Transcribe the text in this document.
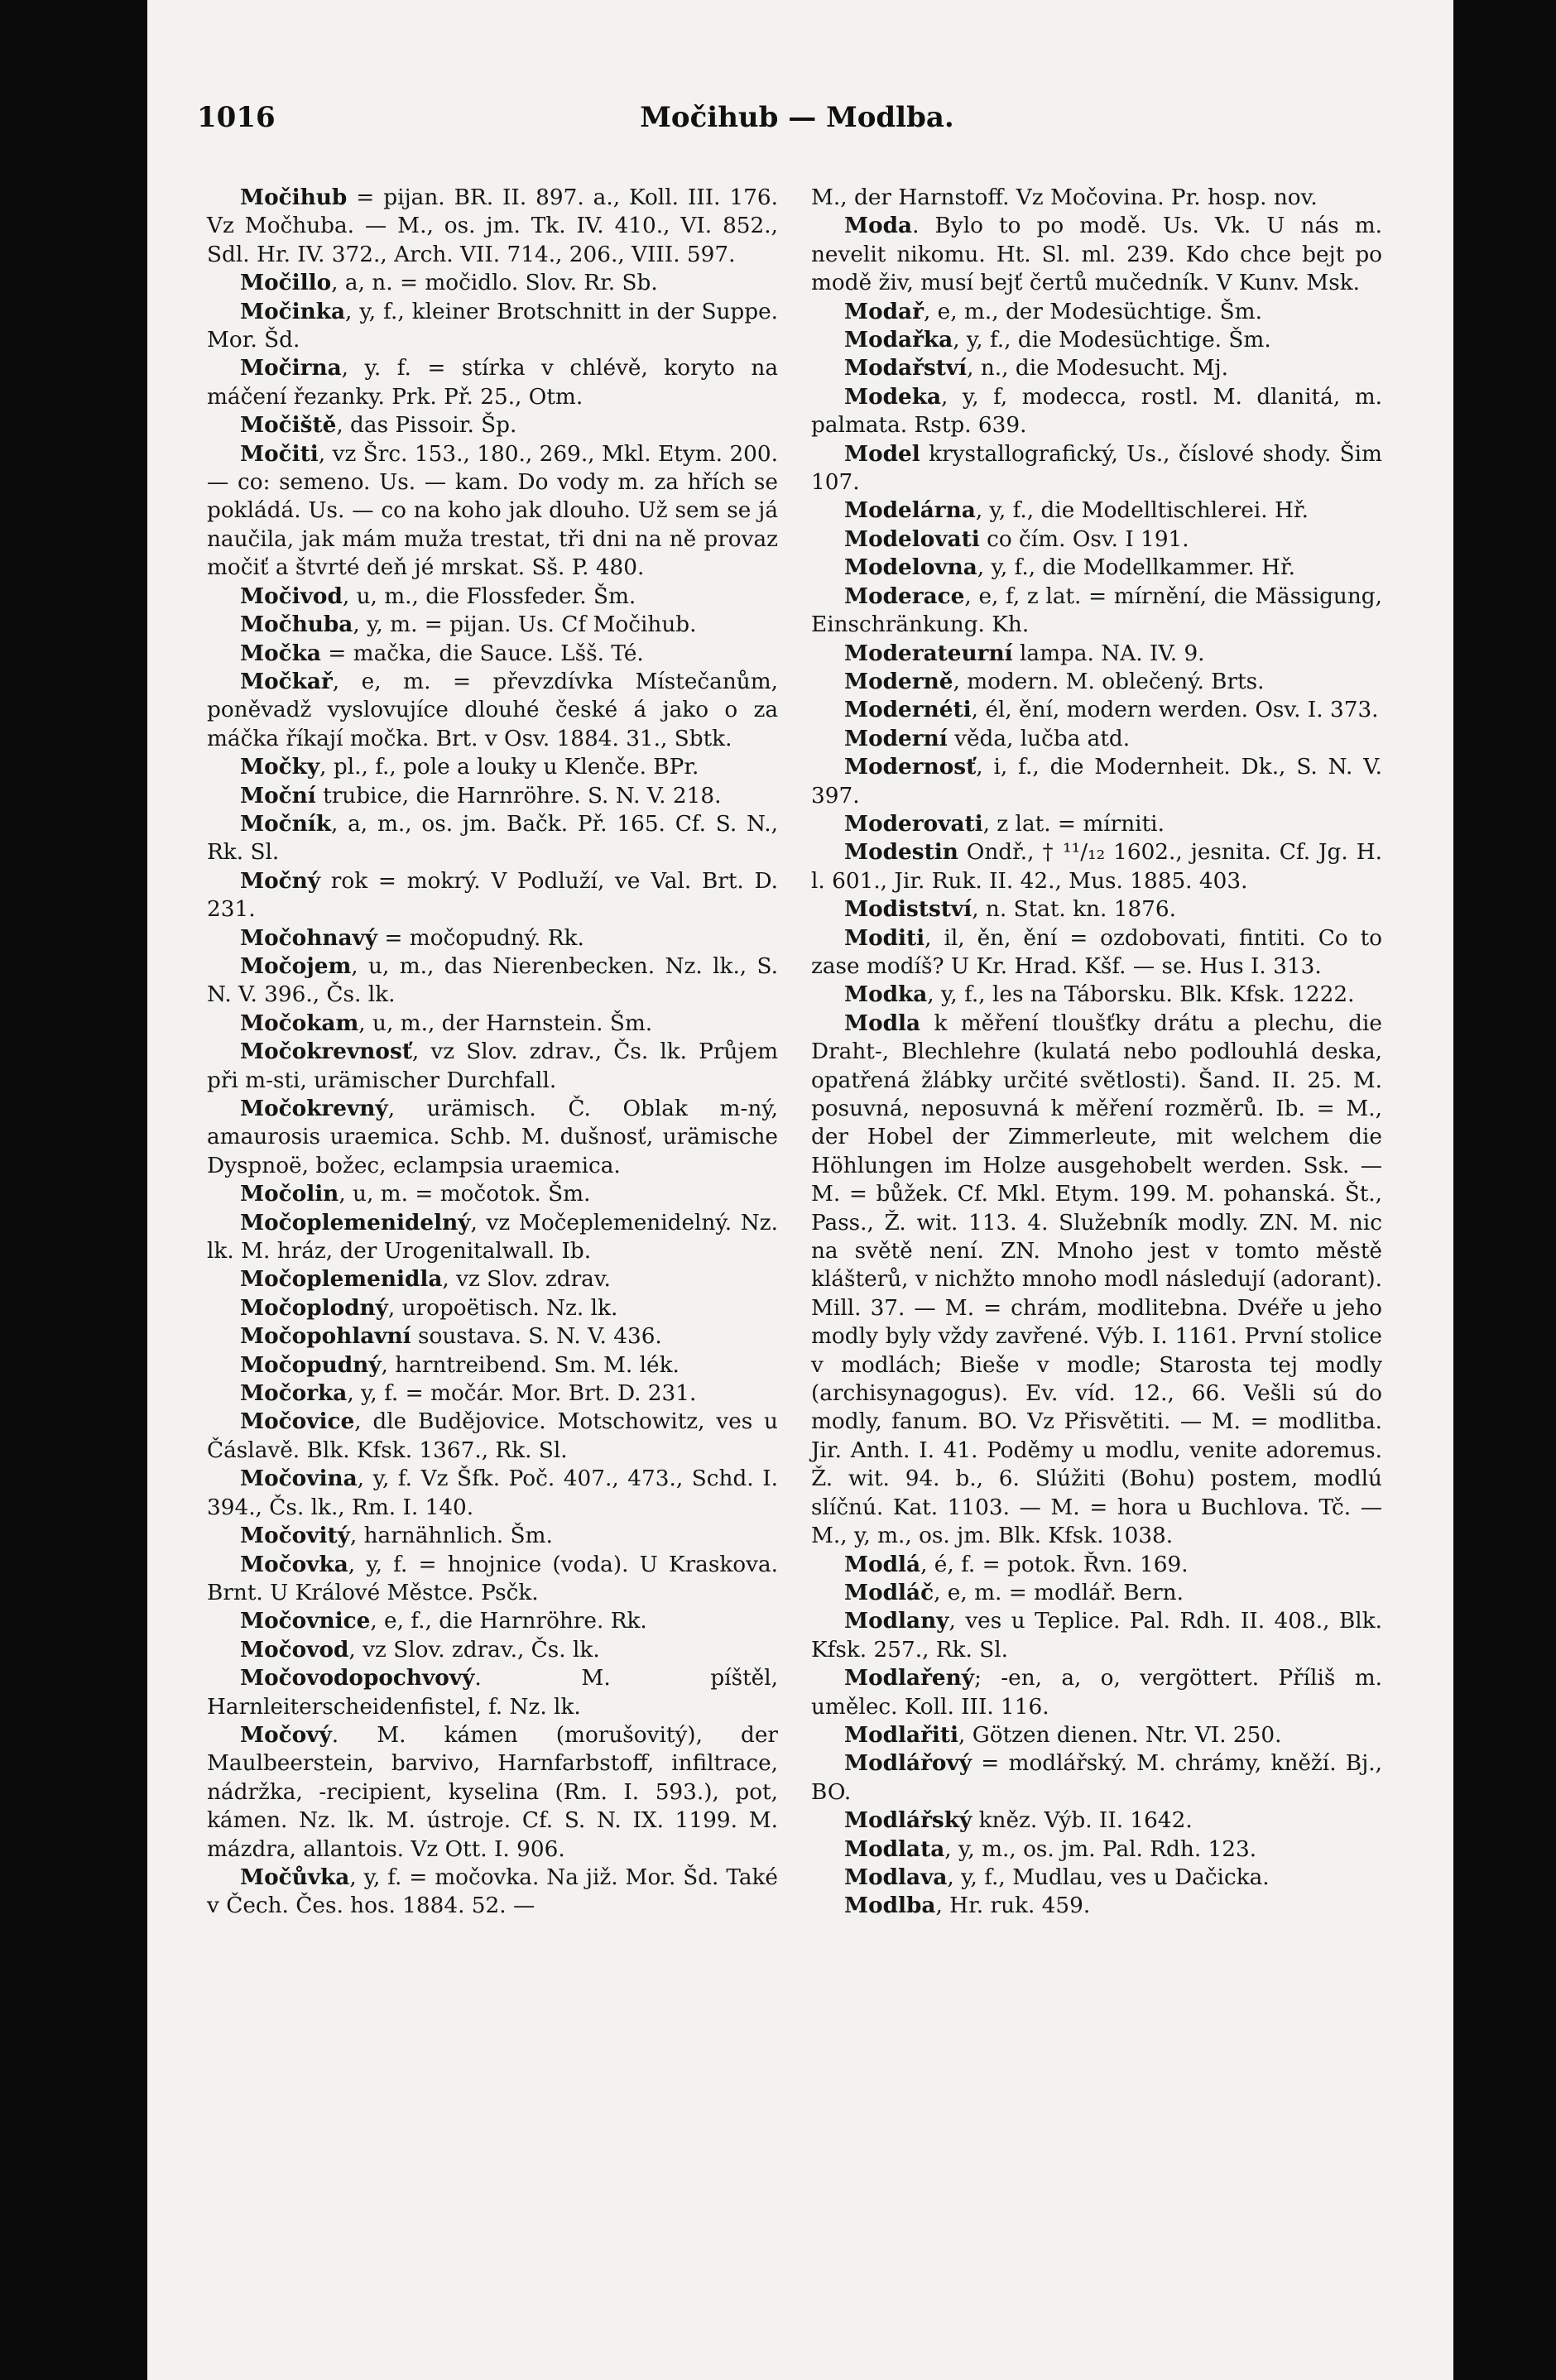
1016	Močihub — Modlba.

Močihub = pijan. BR. II. 897. a., Koll. III. 176. Vz Močhuba. — M., os. jm. Tk. IV. 410., VI. 852., Sdl. Hr. IV. 372., Arch. VII. 714., 206., VIII. 597.

Močillo, a, n. = močidlo. Slov. Rr. Sb.

Močinka, y, f., kleiner Brotschnitt in der Suppe. Mor. Šd.

Močirna, y. f. = stírka v chlévě, koryto na máčení řezanky. Prk. Př. 25., Otm.

Močiště, das Pissoir. Šp.

Močiti, vz Šrc. 153., 180., 269., Mkl. Etym. 200. — co: semeno. Us. — kam. Do vody m. za hřích se pokládá. Us. — co na koho jak dlouho. Už sem se já naučila, jak mám muža trestat, tři dni na ně provaz močiť a štvrté deň jé mrskat. Sš. P. 480.

Močivod, u, m., die Flossfeder. Šm.

Močhuba, y, m. = pijan. Us. Cf Močihub.

Močka = mačka, die Sauce. Lšš. Té.

Močkař, e, m. = převzdívka Místečanům, poněvadž vyslovujíce dlouhé české á jako o za máčka říkají močka. Brt. v Osv. 1884. 31., Sbtk.

Močky, pl., f., pole a louky u Klenče. BPr.

Moční trubice, die Harnröhre. S. N. V. 218.

Močník, a, m., os. jm. Bačk. Př. 165. Cf. S. N., Rk. Sl.

Močný rok = mokrý. V Podluží, ve Val. Brt. D. 231.

Močohnavý = močopudný. Rk.

Močojem, u, m., das Nierenbecken. Nz. lk., S. N. V. 396., Čs. lk.

Močokam, u, m., der Harnstein. Šm.

Močokrevnosť, vz Slov. zdrav., Čs. lk. Průjem při m-sti, urämischer Durchfall.

Močokrevný, urämisch. Č. Oblak m-ný, amaurosis uraemica. Schb. M. dušnosť, urämische Dyspnoë, božec, eclampsia uraemica.

Močolin, u, m. = močotok. Šm.

Močoplemenidelný, vz Močeplemenidelný. Nz. lk. M. hráz, der Urogenitalwall. Ib.

Močoplemenidla, vz Slov. zdrav.

Močoplodný, uropoëtisch. Nz. lk.

Močopohlavní soustava. S. N. V. 436.

Močopudný, harntreibend. Sm. M. lék.

Močorka, y, f. = močár. Mor. Brt. D. 231.

Močovice, dle Budějovice. Motschowitz, ves u Čáslavě. Blk. Kfsk. 1367., Rk. Sl.

Močovina, y, f. Vz Šfk. Poč. 407., 473., Schd. I. 394., Čs. lk., Rm. I. 140.

Močovitý, harnähnlich. Šm.

Močovka, y, f. = hnojnice (voda). U Kraskova. Brnt. U Králové Městce. Psčk.

Močovnice, e, f., die Harnröhre. Rk.

Močovod, vz Slov. zdrav., Čs. lk.

Močovodopochvový. M. píštěl, Harnleiterscheidenfistel, f. Nz. lk.

Močový. M. kámen (morušovitý), der Maulbeerstein, barvivo, Harnfarbstoff, infiltrace, nádržka, -recipient, kyselina (Rm. I. 593.), pot, kámen. Nz. lk. M. ústroje. Cf. S. N. IX. 1199. M. mázdra, allantois. Vz Ott. I. 906.

Močůvka, y, f. = močovka. Na již. Mor. Šd. Také v Čech. Čes. hos. 1884. 52. —

M., der Harnstoff. Vz Močovina. Pr. hosp. nov.

Moda. Bylo to po modě. Us. Vk. U nás m. nevelit nikomu. Ht. Sl. ml. 239. Kdo chce bejt po modě živ, musí bejť čertů mučedník. V Kunv. Msk.

Modař, e, m., der Modesüchtige. Šm.

Modařka, y, f., die Modesüchtige. Šm.

Modařství, n., die Modesucht. Mj.

Modeka, y, f, modecca, rostl. M. dlanitá, m. palmata. Rstp. 639.

Model krystallografický, Us., číslové shody. Šim 107.

Modelárna, y, f., die Modelltischlerei. Hř.

Modelovati co čím. Osv. I 191.

Modelovna, y, f., die Modellkammer. Hř.

Moderace, e, f, z lat. = mírnění, die Mässigung, Einschränkung. Kh.

Moderateurní lampa. NA. IV. 9.

Moderně, modern. M. oblečený. Brts.

Modernéti, él, ění, modern werden. Osv. I. 373.

Moderní věda, lučba atd.

Modernosť, i, f., die Modernheit. Dk., S. N. V. 397.

Moderovati, z lat. = mírniti.

Modestin Ondř., † ¹¹/₁₂ 1602., jesnita. Cf. Jg. H. l. 601., Jir. Ruk. II. 42., Mus. 1885. 403.

Modistství, n. Stat. kn. 1876.

Moditi, il, ěn, ění = ozdobovati, fintiti. Co to zase modíš? U Kr. Hrad. Kšf. — se. Hus I. 313.

Modka, y, f., les na Táborsku. Blk. Kfsk. 1222.

Modla k měření tloušťky drátu a plechu, die Draht-, Blechlehre (kulatá nebo podlouhlá deska, opatřená žlábky určité světlosti). Šand. II. 25. M. posuvná, neposuvná k měření rozměrů. Ib. = M., der Hobel der Zimmerleute, mit welchem die Höhlungen im Holze ausgehobelt werden. Ssk. — M. = bůžek. Cf. Mkl. Etym. 199. M. pohanská. Št., Pass., Ž. wit. 113. 4. Služebník modly. ZN. M. nic na světě není. ZN. Mnoho jest v tomto městě klášterů, v nichžto mnoho modl následují (adorant). Mill. 37. — M. = chrám, modlitebna. Dvéře u jeho modly byly vždy zavřené. Výb. I. 1161. První stolice v modlách; Bieše v modle; Starosta tej modly (archisynagogus). Ev. víd. 12., 66. Vešli sú do modly, fanum. BO. Vz Přisvětiti. — M. = modlitba. Jir. Anth. I. 41. Poděmy u modlu, venite adoremus. Ž. wit. 94. b., 6. Slúžiti (Bohu) postem, modlú slíčnú. Kat. 1103. — M. = hora u Buchlova. Tč. — M., y, m., os. jm. Blk. Kfsk. 1038.

Modlá, é, f. = potok. Řvn. 169.

Modláč, e, m. = modlář. Bern.

Modlany, ves u Teplice. Pal. Rdh. II. 408., Blk. Kfsk. 257., Rk. Sl.

Modlařený; -en, a, o, vergöttert. Příliš m. umělec. Koll. III. 116.

Modlařiti, Götzen dienen. Ntr. VI. 250.

Modlářový = modlářský. M. chrámy, kněží. Bj., BO.

Modlářský kněz. Výb. II. 1642.

Modlata, y, m., os. jm. Pal. Rdh. 123.

Modlava, y, f., Mudlau, ves u Dačicka.

Modlba, Hr. ruk. 459.
